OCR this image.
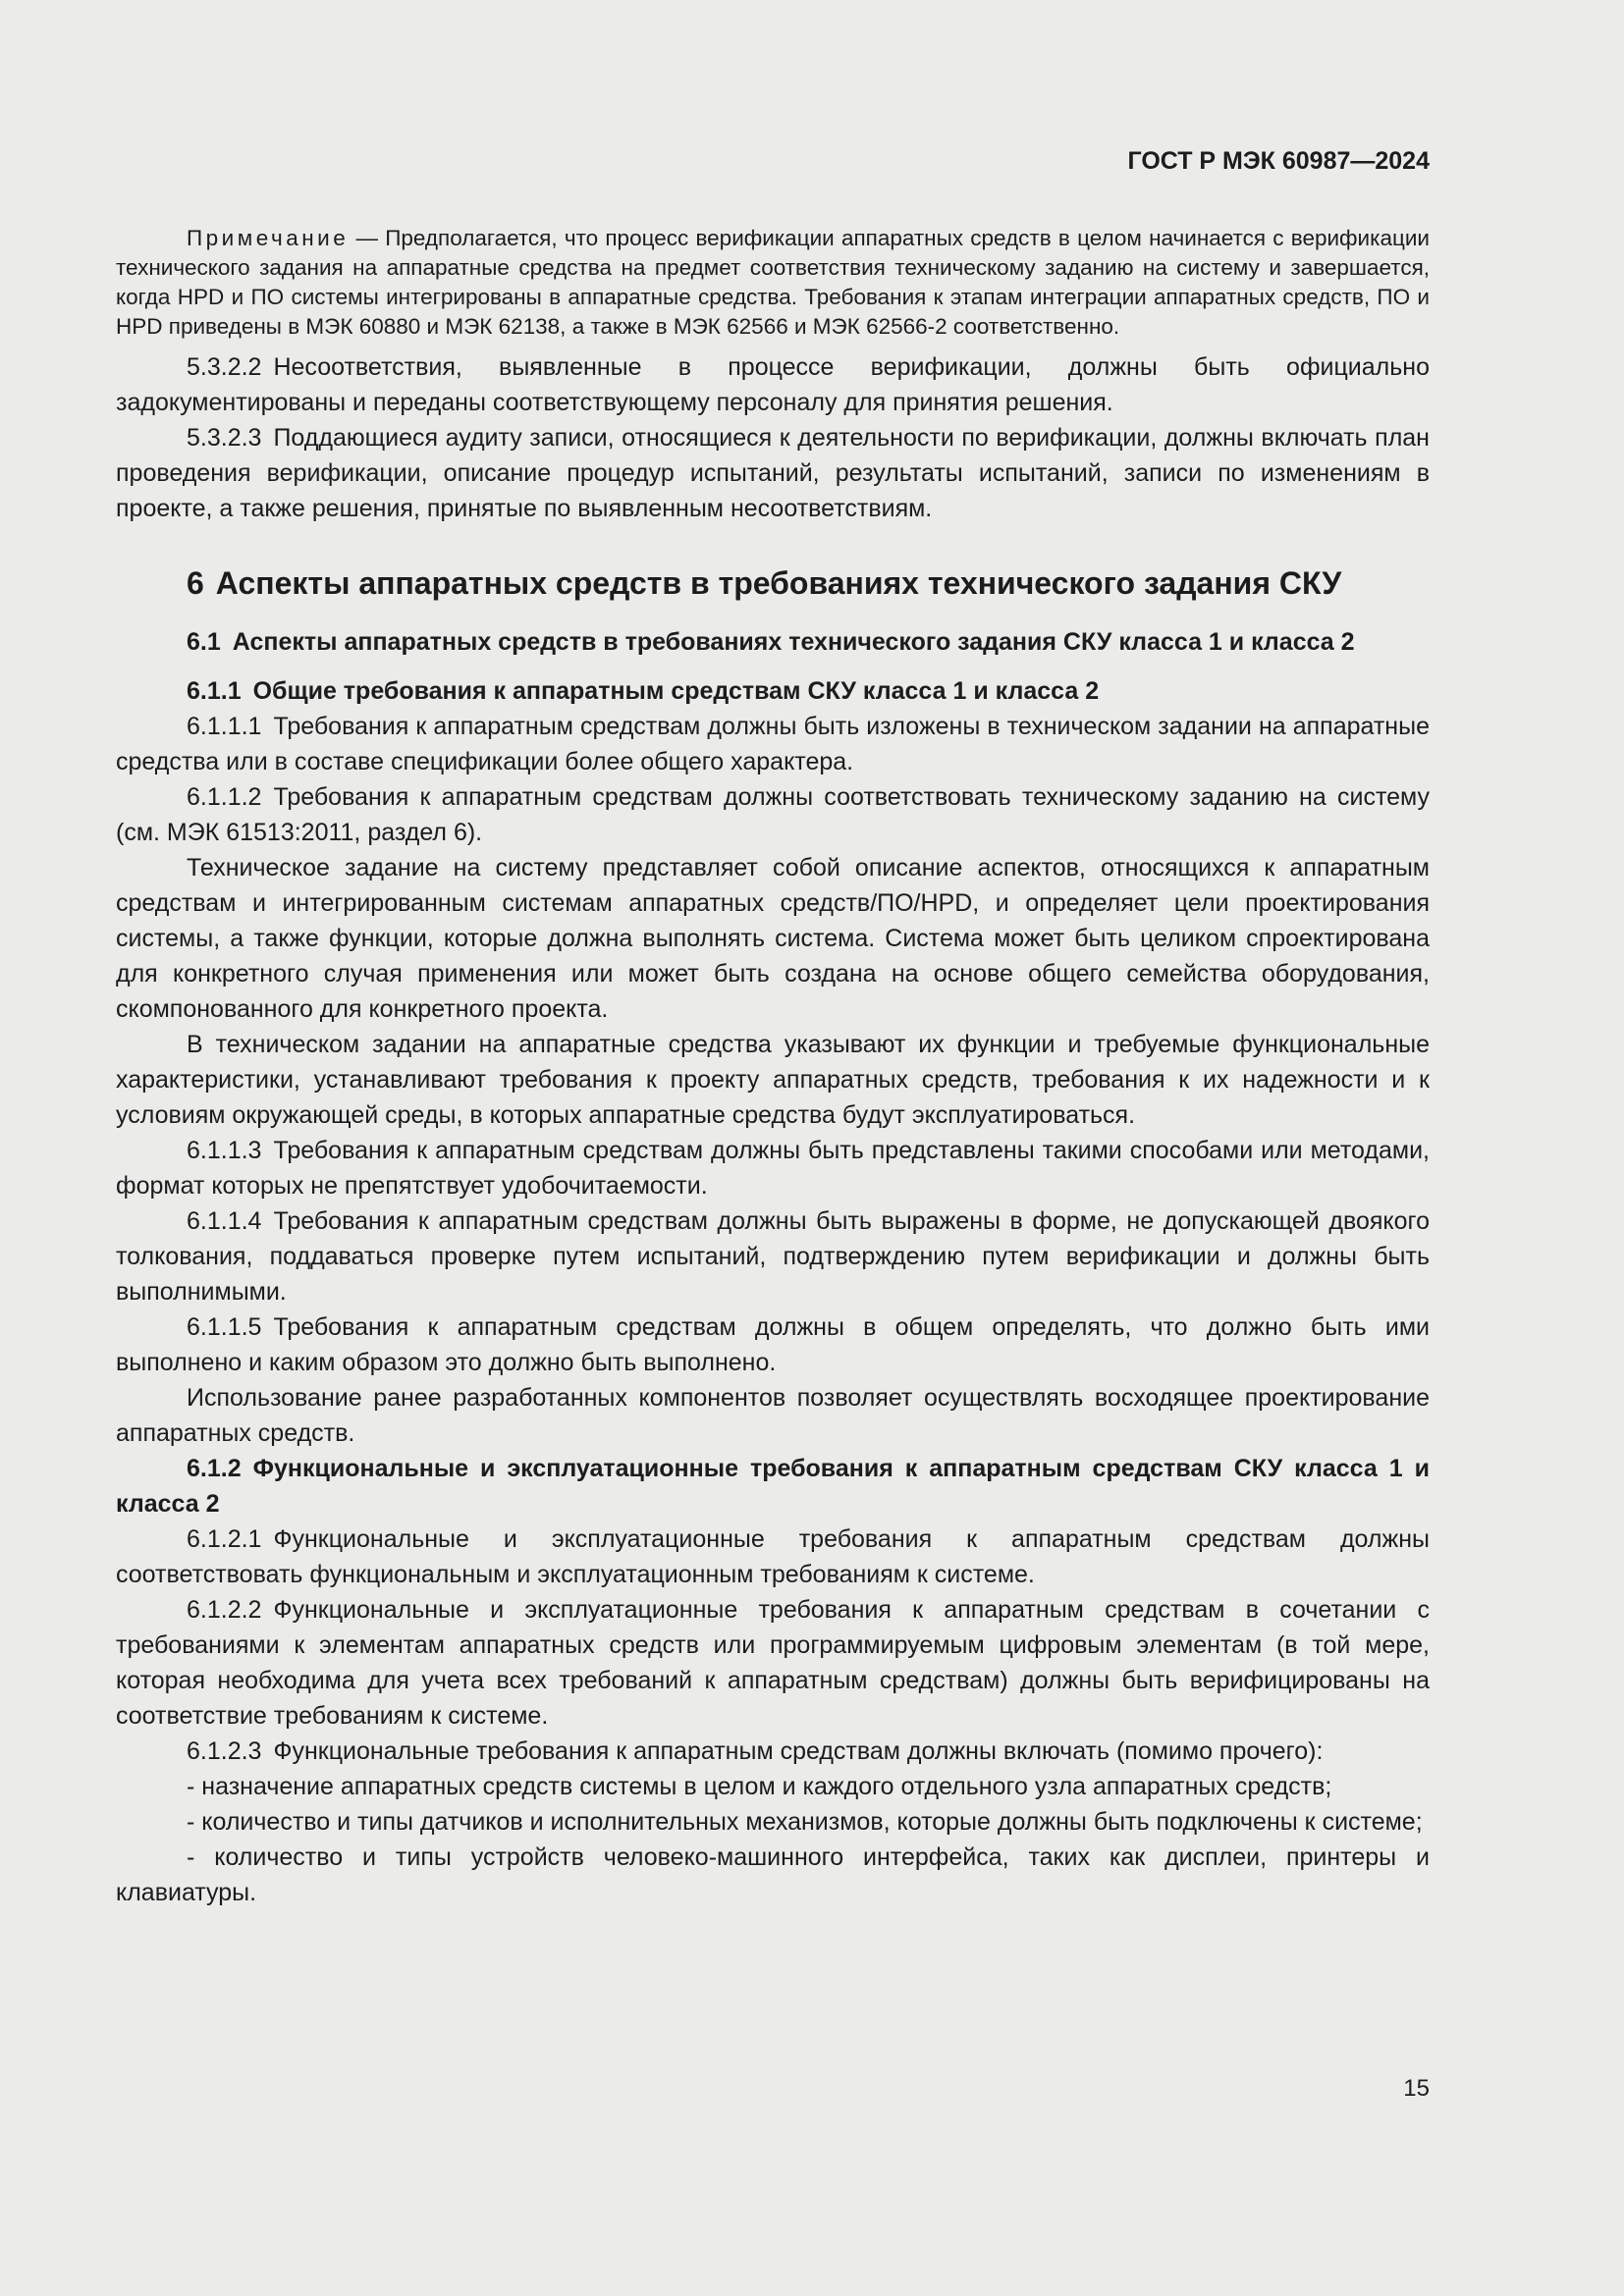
ГОСТ Р МЭК 60987—2024
Примечание — Предполагается, что процесс верификации аппаратных средств в целом начинается с верификации технического задания на аппаратные средства на предмет соответствия техническому заданию на систему и завершается, когда HPD и ПО системы интегрированы в аппаратные средства. Требования к этапам интеграции аппаратных средств, ПО и HPD приведены в МЭК 60880 и МЭК 62138, а также в МЭК 62566 и МЭК 62566-2 соответственно.

5.3.2.2 Несоответствия, выявленные в процессе верификации, должны быть официально задокументированы и переданы соответствующему персоналу для принятия решения.

5.3.2.3 Поддающиеся аудиту записи, относящиеся к деятельности по верификации, должны включать план проведения верификации, описание процедур испытаний, результаты испытаний, записи по изменениям в проекте, а также решения, принятые по выявленным несоответствиям.

6 Аспекты аппаратных средств в требованиях технического задания СКУ
6.1 Аспекты аппаратных средств в требованиях технического задания СКУ класса 1 и класса 2

6.1.1 Общие требования к аппаратным средствам СКУ класса 1 и класса 2

6.1.1.1 Требования к аппаратным средствам должны быть изложены в техническом задании на аппаратные средства или в составе спецификации более общего характера.

6.1.1.2 Требования к аппаратным средствам должны соответствовать техническому заданию на систему (см. МЭК 61513:2011, раздел 6).

Техническое задание на систему представляет собой описание аспектов, относящихся к аппаратным средствам и интегрированным системам аппаратных средств/ПО/HPD, и определяет цели проектирования системы, а также функции, которые должна выполнять система. Система может быть целиком спроектирована для конкретного случая применения или может быть создана на основе общего семейства оборудования, скомпонованного для конкретного проекта.

В техническом задании на аппаратные средства указывают их функции и требуемые функциональные характеристики, устанавливают требования к проекту аппаратных средств, требования к их надежности и к условиям окружающей среды, в которых аппаратные средства будут эксплуатироваться.

6.1.1.3 Требования к аппаратным средствам должны быть представлены такими способами или методами, формат которых не препятствует удобочитаемости.

6.1.1.4 Требования к аппаратным средствам должны быть выражены в форме, не допускающей двоякого толкования, поддаваться проверке путем испытаний, подтверждению путем верификации и должны быть выполнимыми.

6.1.1.5 Требования к аппаратным средствам должны в общем определять, что должно быть ими выполнено и каким образом это должно быть выполнено.

Использование ранее разработанных компонентов позволяет осуществлять восходящее проектирование аппаратных средств.

6.1.2 Функциональные и эксплуатационные требования к аппаратным средствам СКУ класса 1 и класса 2

6.1.2.1 Функциональные и эксплуатационные требования к аппаратным средствам должны соответствовать функциональным и эксплуатационным требованиям к системе.

6.1.2.2 Функциональные и эксплуатационные требования к аппаратным средствам в сочетании с требованиями к элементам аппаратных средств или программируемым цифровым элементам (в той мере, которая необходима для учета всех требований к аппаратным средствам) должны быть верифицированы на соответствие требованиям к системе.

6.1.2.3 Функциональные требования к аппаратным средствам должны включать (помимо прочего):

- назначение аппаратных средств системы в целом и каждого отдельного узла аппаратных средств;

- количество и типы датчиков и исполнительных механизмов, которые должны быть подключены к системе;

- количество и типы устройств человеко-машинного интерфейса, таких как дисплеи, принтеры и клавиатуры.

15
